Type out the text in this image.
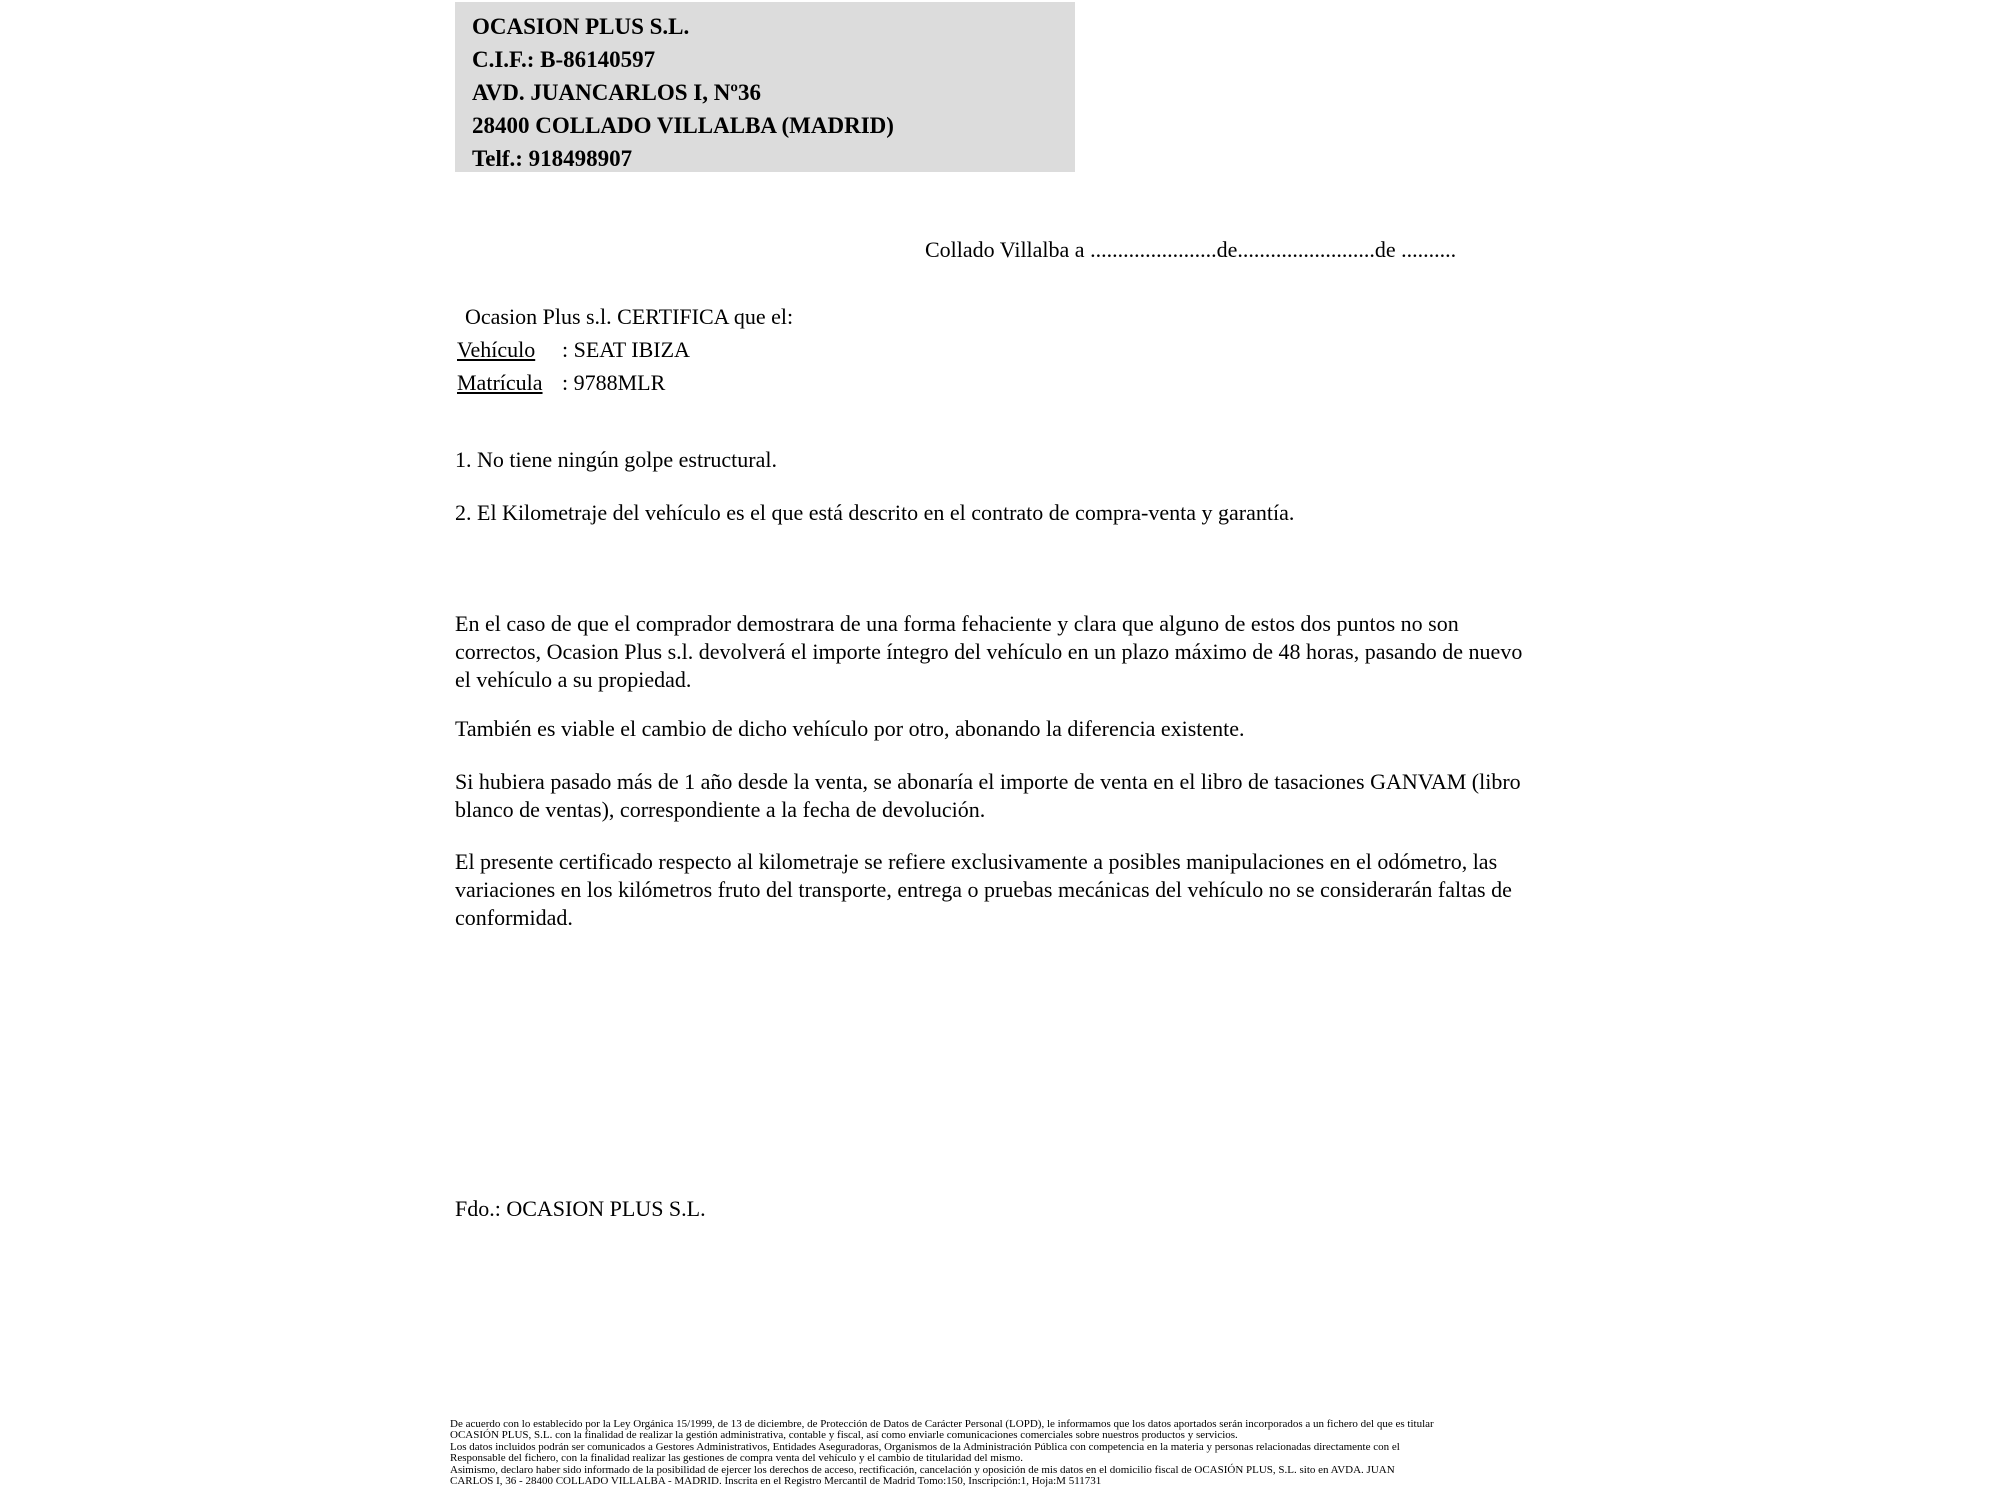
OCASION PLUS S.L.
C.I.F.: B-86140597
AVD. JUANCARLOS I, Nº36
28400 COLLADO VILLALBA (MADRID)
Telf.: 918498907
Collado Villalba a .......................de.........................de ..........
Ocasion Plus s.l. CERTIFICA que el:
Vehículo : SEAT IBIZA
Matrícula : 9788MLR
1. No tiene ningún golpe estructural.
2. El Kilometraje del vehículo es el que está descrito en el contrato de compra-venta y garantía.
En el caso de que el comprador demostrara de una forma fehaciente y clara que alguno de estos dos puntos no son correctos, Ocasion Plus s.l. devolverá el importe íntegro del vehículo en un plazo máximo de 48 horas, pasando de nuevo el vehículo a su propiedad.
También es viable el cambio de dicho vehículo por otro, abonando la diferencia existente.
Si hubiera pasado más de 1 año desde la venta, se abonaría el importe de venta en el libro de tasaciones GANVAM (libro blanco de ventas), correspondiente a la fecha de devolución.
El presente certificado respecto al kilometraje se refiere exclusivamente a posibles manipulaciones en el odómetro, las variaciones en los kilómetros fruto del transporte, entrega o pruebas mecánicas del vehículo no se considerarán faltas de conformidad.
Fdo.: OCASION PLUS S.L.
De acuerdo con lo establecido por la Ley Orgánica 15/1999, de 13 de diciembre, de Protección de Datos de Carácter Personal (LOPD), le informamos que los datos aportados serán incorporados a un fichero del que es titular
OCASIÓN PLUS, S.L. con la finalidad de realizar la gestión administrativa, contable y fiscal, así como enviarle comunicaciones comerciales sobre nuestros productos y servicios.
Los datos incluidos podrán ser comunicados a Gestores Administrativos, Entidades Aseguradoras, Organismos de la Administración Pública con competencia en la materia y personas relacionadas directamente con el
Responsable del fichero, con la finalidad realizar las gestiones de compra venta del vehículo y el cambio de titularidad del mismo.
Asimismo, declaro haber sido informado de la posibilidad de ejercer los derechos de acceso, rectificación, cancelación y oposición de mis datos en el domicilio fiscal de OCASIÓN PLUS, S.L. sito en AVDA. JUAN
CARLOS I, 36 - 28400 COLLADO VILLALBA - MADRID. Inscrita en el Registro Mercantil de Madrid Tomo:150, Inscripción:1, Hoja:M 511731
